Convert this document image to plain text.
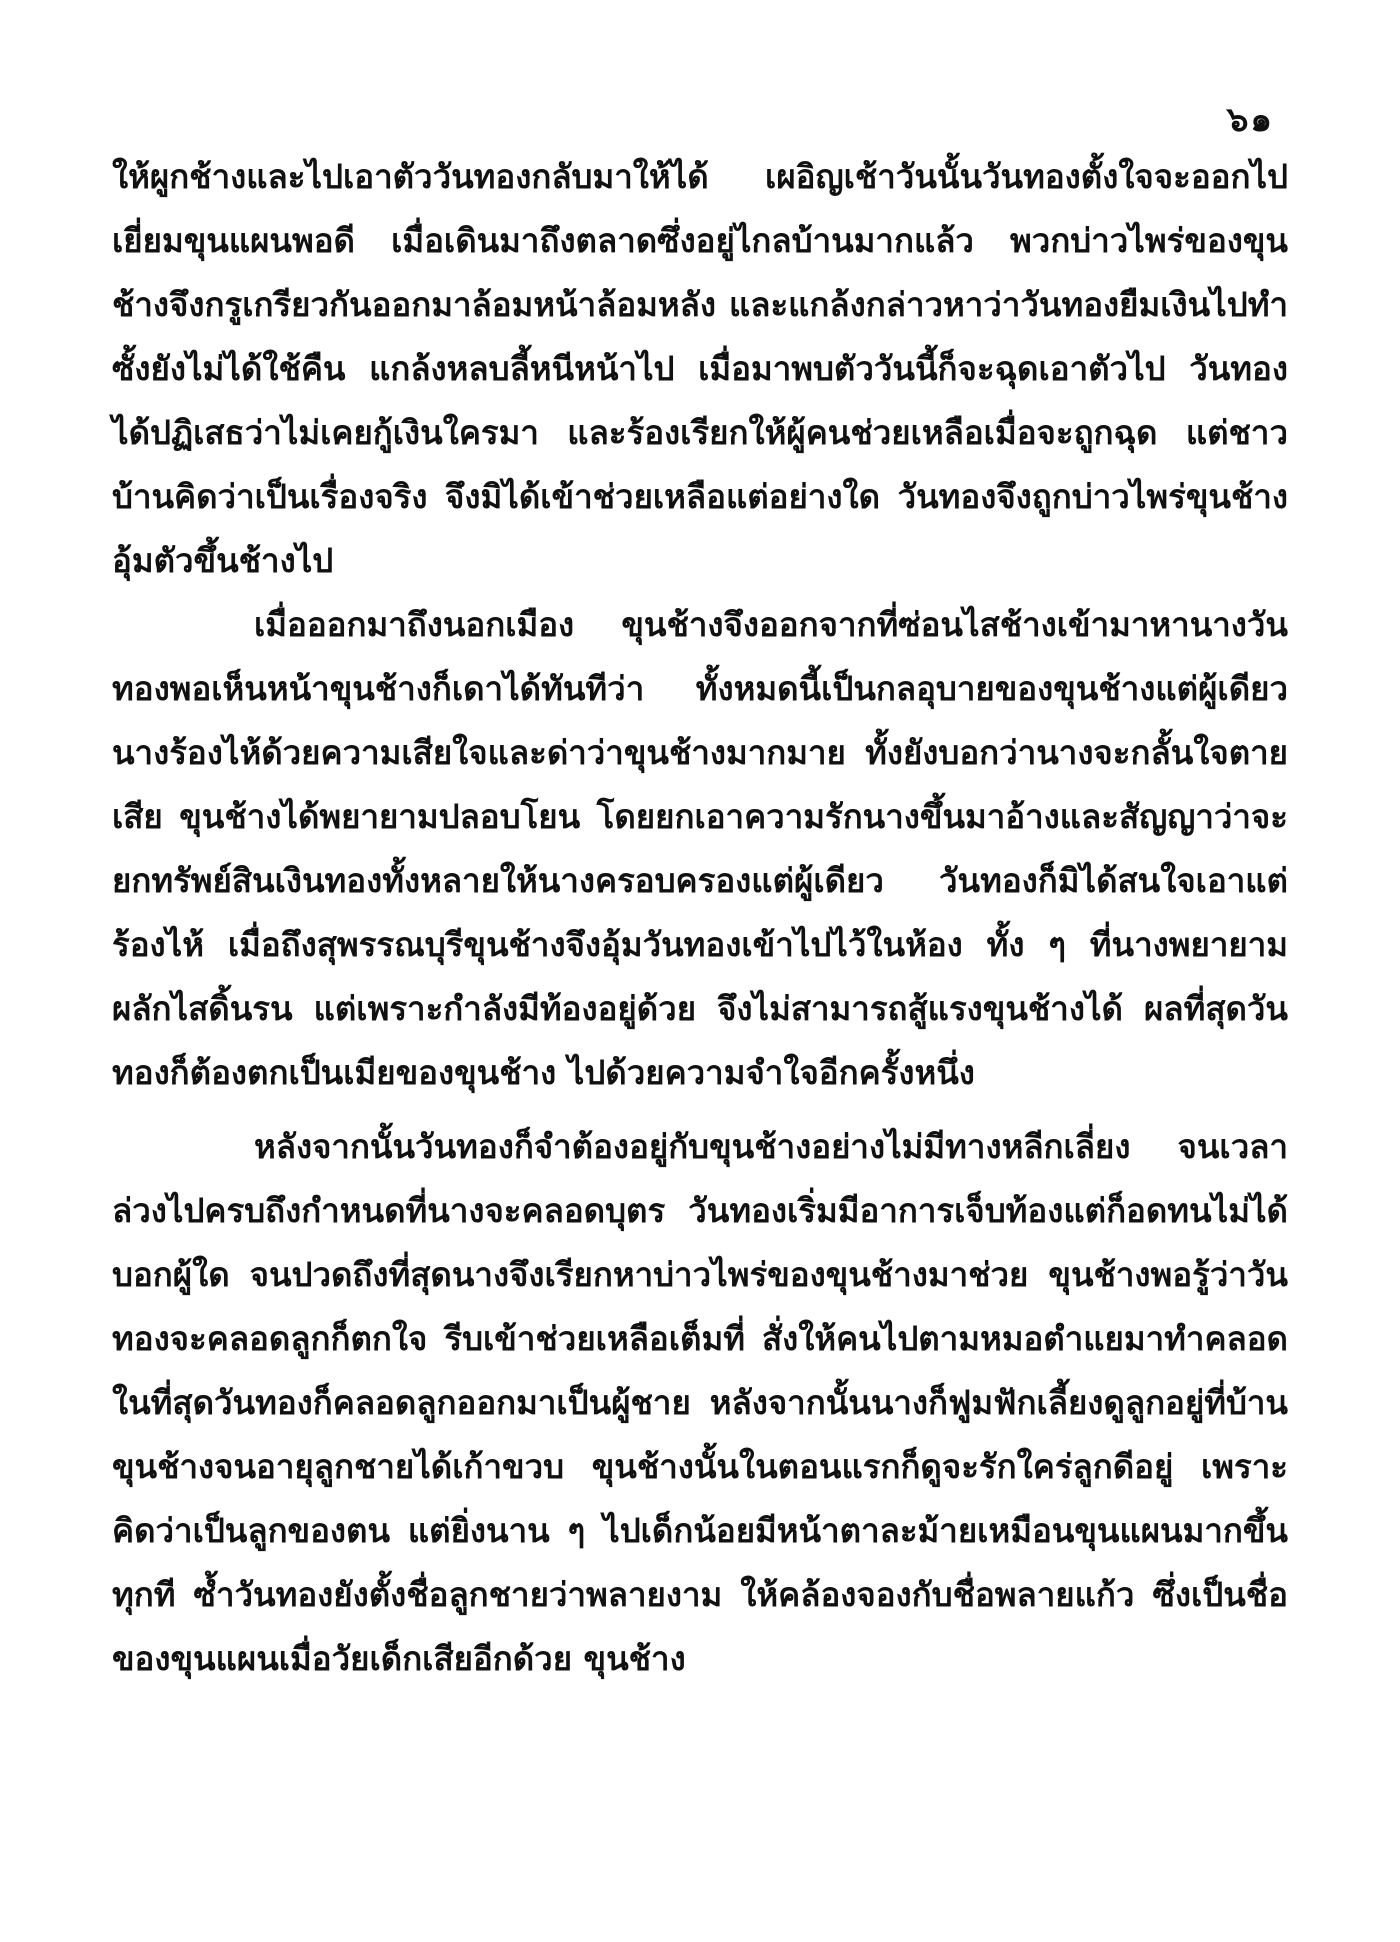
๖๑

ให้ผูกช้างและไปเอาตัววันทองกลับมาให้ได้ เผอิญเช้าวันนั้นวันทองตั้งใจจะออกไปเยี่ยมขุนแผนพอดี เมื่อเดินมาถึงตลาดซึ่งอยู่ไกลบ้านมากแล้ว พวกบ่าวไพร่ของขุนช้างจึงกรูเกรียวกันออกมาล้อมหน้าล้อมหลัง และแกล้งกล่าวหาว่าวันทองยืมเงินไปทำซั้งยังไม่ได้ใช้คืน แกล้งหลบลี้หนีหน้าไป เมื่อมาพบตัววันนี้ก็จะฉุดเอาตัวไป วันทองได้ปฏิเสธว่าไม่เคยกู้เงินใครมา และร้องเรียกให้ผู้คนช่วยเหลือเมื่อจะถูกฉุด แต่ชาวบ้านคิดว่าเป็นเรื่องจริง จึงมิได้เข้าช่วยเหลือแต่อย่างใด วันทองจึงถูกบ่าวไพร่ขุนช้างอุ้มตัวขึ้นช้างไป

เมื่อออกมาถึงนอกเมือง ขุนช้างจึงออกจากที่ซ่อนไสช้างเข้ามาหานางวันทองพอเห็นหน้าขุนช้างก็เดาได้ทันทีว่า ทั้งหมดนี้เป็นกลอุบายของขุนช้างแต่ผู้เดียว นางร้องไห้ด้วยความเสียใจและด่าว่าขุนช้างมากมาย ทั้งยังบอกว่านางจะกลั้นใจตายเสีย ขุนช้างได้พยายามปลอบโยน โดยยกเอาความรักนางขึ้นมาอ้างและสัญญาว่าจะยกทรัพย์สินเงินทองทั้งหลายให้นางครอบครองแต่ผู้เดียว วันทองก็มิได้สนใจเอาแต่ร้องไห้ เมื่อถึงสุพรรณบุรีขุนช้างจึงอุ้มวันทองเข้าไปไว้ในห้อง ทั้ง ๆ ที่นางพยายามผลักไสดิ้นรน แต่เพราะกำลังมีท้องอยู่ด้วย จึงไม่สามารถสู้แรงขุนช้างได้ ผลที่สุดวันทองก็ต้องตกเป็นเมียของขุนช้าง ไปด้วยความจำใจอีกครั้งหนึ่ง

หลังจากนั้นวันทองก็จำต้องอยู่กับขุนช้างอย่างไม่มีทางหลีกเลี่ยง จนเวลาล่วงไปครบถึงกำหนดที่นางจะคลอดบุตร วันทองเริ่มมีอาการเจ็บท้องแต่ก็อดทนไม่ได้บอกผู้ใด จนปวดถึงที่สุดนางจึงเรียกหาบ่าวไพร่ของขุนช้างมาช่วย ขุนช้างพอรู้ว่าวันทองจะคลอดลูกก็ตกใจ รีบเข้าช่วยเหลือเต็มที่ สั่งให้คนไปตามหมอตำแยมาทำคลอด ในที่สุดวันทองก็คลอดลูกออกมาเป็นผู้ชาย หลังจากนั้นนางก็ฟูมฟักเลี้ยงดูลูกอยู่ที่บ้านขุนช้างจนอายุลูกชายได้เก้าขวบ ขุนช้างนั้นในตอนแรกก็ดูจะรักใคร่ลูกดีอยู่ เพราะคิดว่าเป็นลูกของตน แต่ยิ่งนาน ๆ ไปเด็กน้อยมีหน้าตาละม้ายเหมือนขุนแผนมากขึ้นทุกที ซ้ำวันทองยังตั้งชื่อลูกชายว่าพลายงาม ให้คล้องจองกับชื่อพลายแก้ว ซึ่งเป็นชื่อของขุนแผนเมื่อวัยเด็กเสียอีกด้วย ขุนช้าง
